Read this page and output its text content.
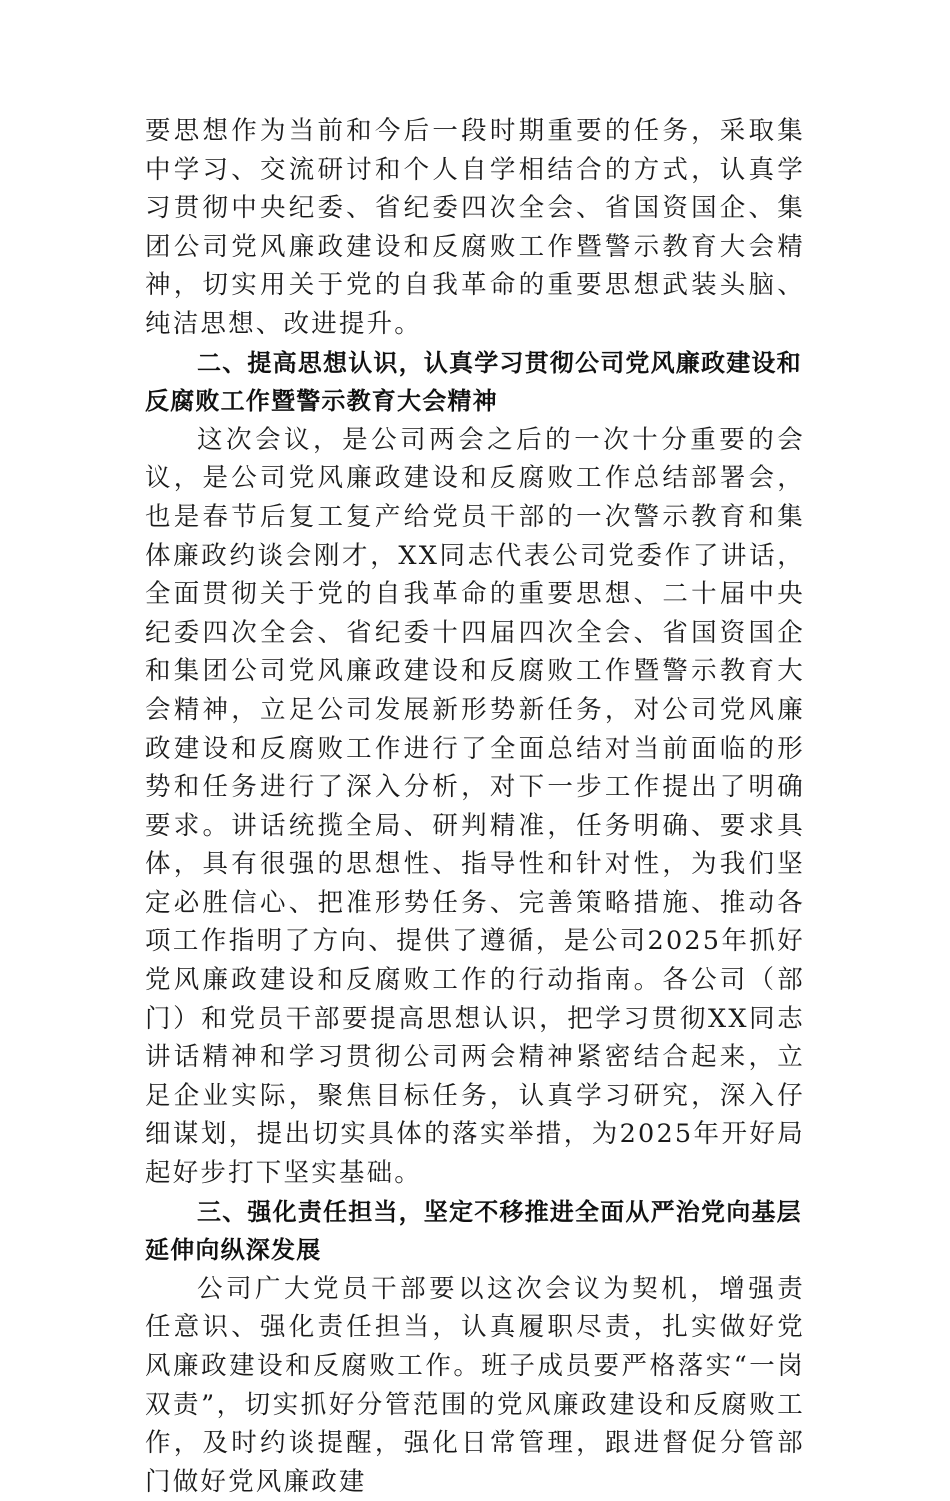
要思想作为当前和今后一段时期重要的任务，采取集中学习、交流研讨和个人自学相结合的方式，认真学习贯彻中央纪委、省纪委四次全会、省国资国企、集团公司党风廉政建设和反腐败工作暨警示教育大会精神，切实用关于党的自我革命的重要思想武装头脑、纯洁思想、改进提升。

二、提高思想认识，认真学习贯彻公司党风廉政建设和反腐败工作暨警示教育大会精神

这次会议，是公司两会之后的一次十分重要的会议，是公司党风廉政建设和反腐败工作总结部署会，也是春节后复工复产给党员干部的一次警示教育和集体廉政约谈会刚才，XX同志代表公司党委作了讲话，全面贯彻关于党的自我革命的重要思想、二十届中央纪委四次全会、省纪委十四届四次全会、省国资国企和集团公司党风廉政建设和反腐败工作暨警示教育大会精神，立足公司发展新形势新任务，对公司党风廉政建设和反腐败工作进行了全面总结对当前面临的形势和任务进行了深入分析，对下一步工作提出了明确要求。讲话统揽全局、研判精准，任务明确、要求具体，具有很强的思想性、指导性和针对性，为我们坚定必胜信心、把准形势任务、完善策略措施、推动各项工作指明了方向、提供了遵循，是公司2025年抓好党风廉政建设和反腐败工作的行动指南。各公司（部门）和党员干部要提高思想认识，把学习贯彻XX同志讲话精神和学习贯彻公司两会精神紧密结合起来，立足企业实际，聚焦目标任务，认真学习研究，深入仔细谋划，提出切实具体的落实举措，为2025年开好局起好步打下坚实基础。

三、强化责任担当，坚定不移推进全面从严治党向基层延伸向纵深发展

公司广大党员干部要以这次会议为契机，增强责任意识、强化责任担当，认真履职尽责，扎实做好党风廉政建设和反腐败工作。班子成员要严格落实“一岗双责”，切实抓好分管范围的党风廉政建设和反腐败工作，及时约谈提醒，强化日常管理，跟进督促分管部门做好党风廉政建
